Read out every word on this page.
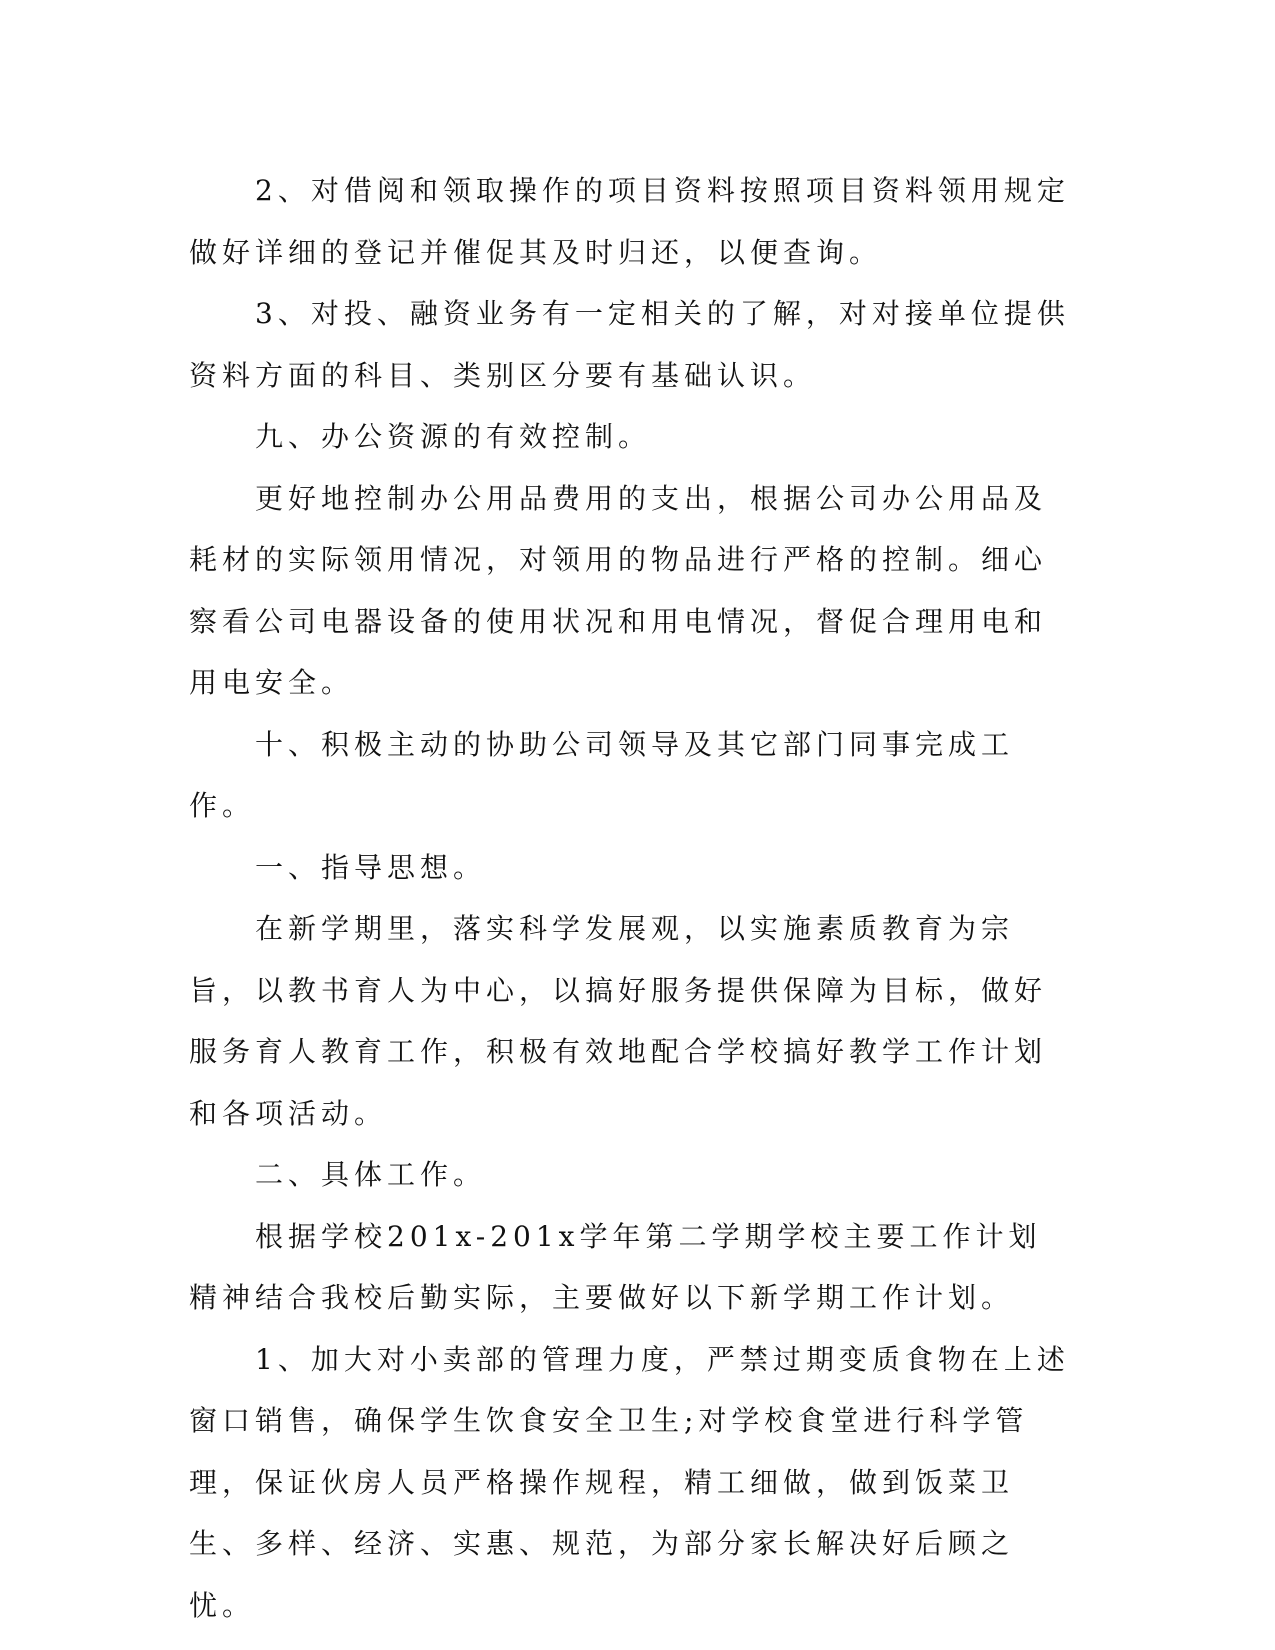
2、对借阅和领取操作的项目资料按照项目资料领用规定做好详细的登记并催促其及时归还，以便查询。

3、对投、融资业务有一定相关的了解，对对接单位提供资料方面的科目、类别区分要有基础认识。

九、办公资源的有效控制。

更好地控制办公用品费用的支出，根据公司办公用品及耗材的实际领用情况，对领用的物品进行严格的控制。细心察看公司电器设备的使用状况和用电情况，督促合理用电和用电安全。

十、积极主动的协助公司领导及其它部门同事完成工作。

一、指导思想。

在新学期里，落实科学发展观，以实施素质教育为宗旨，以教书育人为中心，以搞好服务提供保障为目标，做好服务育人教育工作，积极有效地配合学校搞好教学工作计划和各项活动。

二、具体工作。

根据学校201x-201x学年第二学期学校主要工作计划精神结合我校后勤实际，主要做好以下新学期工作计划。

1、加大对小卖部的管理力度，严禁过期变质食物在上述窗口销售，确保学生饮食安全卫生;对学校食堂进行科学管理，保证伙房人员严格操作规程，精工细做，做到饭菜卫生、多样、经济、实惠、规范，为部分家长解决好后顾之忧。
